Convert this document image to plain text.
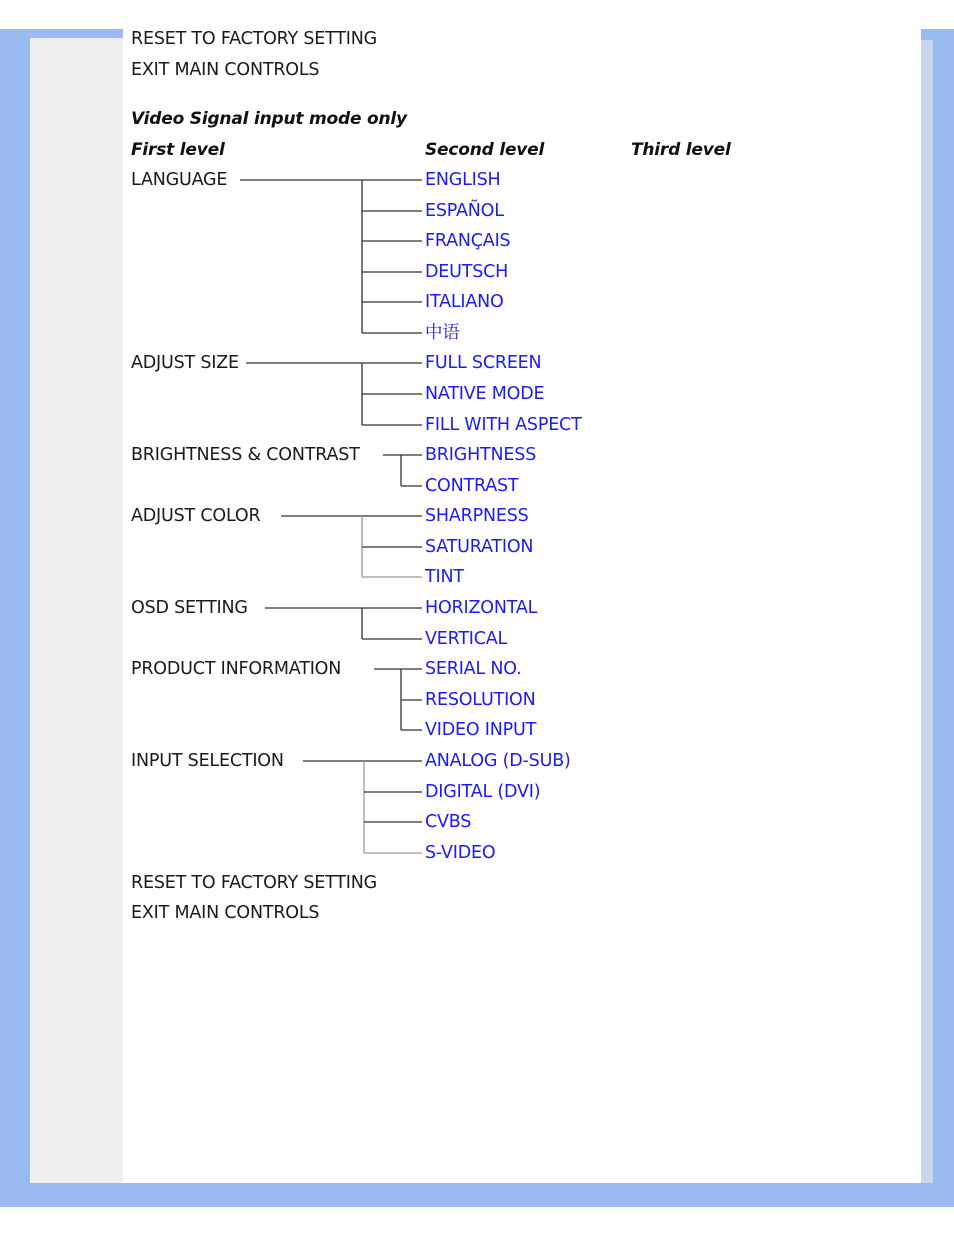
RESET TO FACTORY SETTING
EXIT MAIN CONTROLS
Video Signal input mode only
First level	Second level	Third level
LANGUAGE
ADJUST SIZE
BRIGHTNESS & CONTRAST
ADJUST COLOR
OSD SETTING
PRODUCT INFORMATION
INPUT SELECTION
ENGLISH
ESPAÑOL
FRANÇAIS
DEUTSCH
ITALIANO
中语
FULL SCREEN
NATIVE MODE
FILL WITH ASPECT
BRIGHTNESS
CONTRAST
SHARPNESS
SATURATION
TINT
HORIZONTAL
VERTICAL
SERIAL NO.
RESOLUTION
VIDEO INPUT
ANALOG (D-SUB)
DIGITAL (DVI)
CVBS
S-VIDEO
RESET TO FACTORY SETTING
EXIT MAIN CONTROLS
